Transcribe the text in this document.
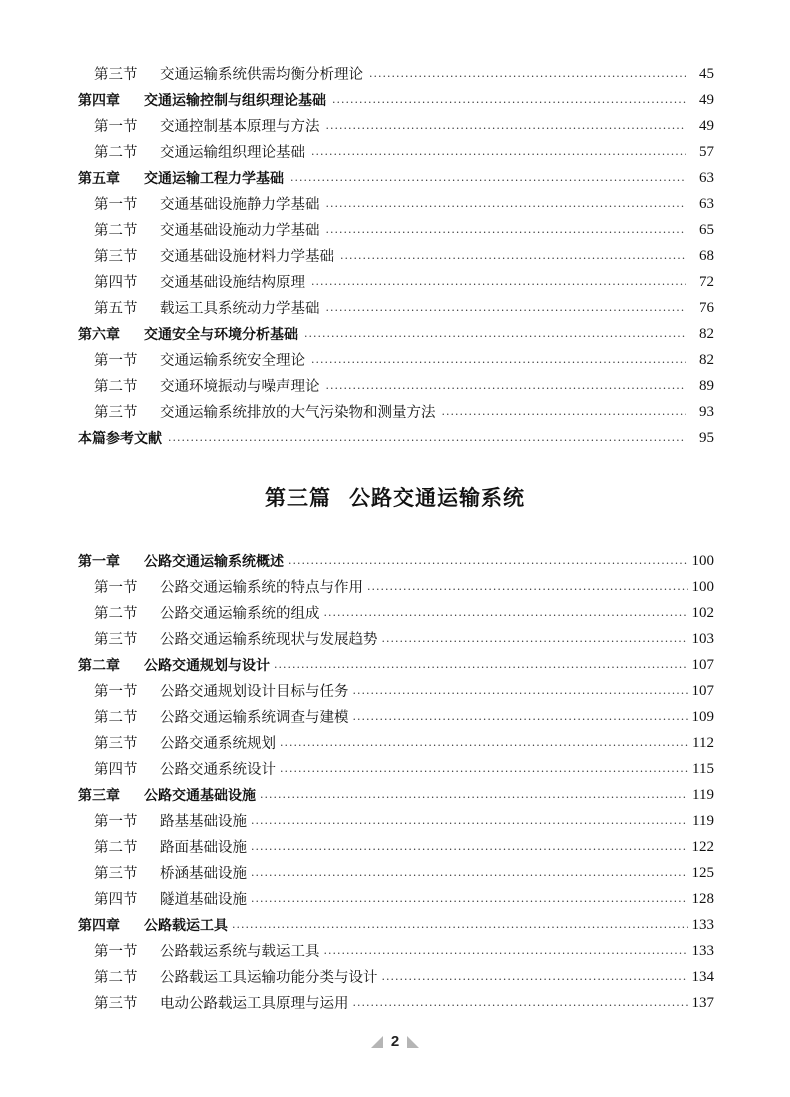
第三节	交通运输系统供需均衡分析理论 ·····	45
第四章	交通运输控制与组织理论基础 ·····	49
第一节	交通控制基本原理与方法 ·····	49
第二节	交通运输组织理论基础 ·····	57
第五章	交通运输工程力学基础 ·····	63
第一节	交通基础设施静力学基础 ·····	63
第二节	交通基础设施动力学基础 ·····	65
第三节	交通基础设施材料力学基础 ·····	68
第四节	交通基础设施结构原理 ·····	72
第五节	载运工具系统动力学基础 ·····	76
第六章	交通安全与环境分析基础 ·····	82
第一节	交通运输系统安全理论 ·····	82
第二节	交通环境振动与噪声理论 ·····	89
第三节	交通运输系统排放的大气污染物和测量方法 ·····	93
本篇参考文献 ·····	95
第三篇 公路交通运输系统
第一章	公路交通运输系统概述 ·····	100
第一节	公路交通运输系统的特点与作用 ·····	100
第二节	公路交通运输系统的组成 ·····	102
第三节	公路交通运输系统现状与发展趋势 ·····	103
第二章	公路交通规划与设计 ·····	107
第一节	公路交通规划设计目标与任务 ·····	107
第二节	公路交通运输系统调查与建模 ·····	109
第三节	公路交通系统规划 ·····	112
第四节	公路交通系统设计 ·····	115
第三章	公路交通基础设施 ·····	119
第一节	路基基础设施 ·····	119
第二节	路面基础设施 ·····	122
第三节	桥涵基础设施 ·····	125
第四节	隧道基础设施 ·····	128
第四章	公路载运工具 ·····	133
第一节	公路载运系统与载运工具 ·····	133
第二节	公路载运工具运输功能分类与设计 ·····	134
第三节	电动公路载运工具原理与运用 ·····	137
2
